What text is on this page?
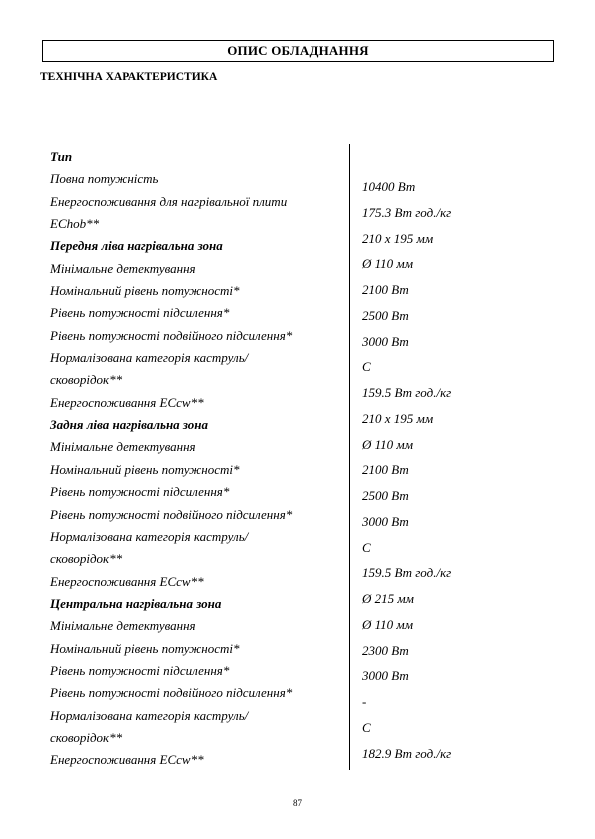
ОПИС ОБЛАДНАННЯ
ТЕХНІЧНА ХАРАКТЕРИСТИКА
Тип
Повна потужність
Енергоспоживання для нагрівальної плити
EChob**
Передня ліва нагрівальна зона
Мінімальне детектування
Номінальний рівень потужності*
Рівень потужності підсилення*
Рівень потужності подвійного підсилення*
Нормалізована категорія каструль/
сковорідок**
Енергоспоживання ECcw**
Задня ліва нагрівальна зона
Мінімальне детектування
Номінальний рівень потужності*
Рівень потужності підсилення*
Рівень потужності подвійного підсилення*
Нормалізована категорія каструль/
сковорідок**
Енергоспоживання ECcw**
Центральна нагрівальна зона
Мінімальне детектування
Номінальний рівень потужності*
Рівень потужності підсилення*
Рівень потужності подвійного підсилення*
Нормалізована категорія каструль/
сковорідок**
Енергоспоживання ECcw**
10400 Вт
175.3 Вт год./кг
210 x 195 мм
Ø 110 мм
2100 Вт
2500 Вт
3000 Вт
C
159.5 Вт год./кг
210 x 195 мм
Ø 110 мм
2100 Вт
2500 Вт
3000 Вт
C
159.5 Вт год./кг
Ø 215 мм
Ø 110 мм
2300 Вт
3000 Вт
-
C
182.9 Вт год./кг
87
